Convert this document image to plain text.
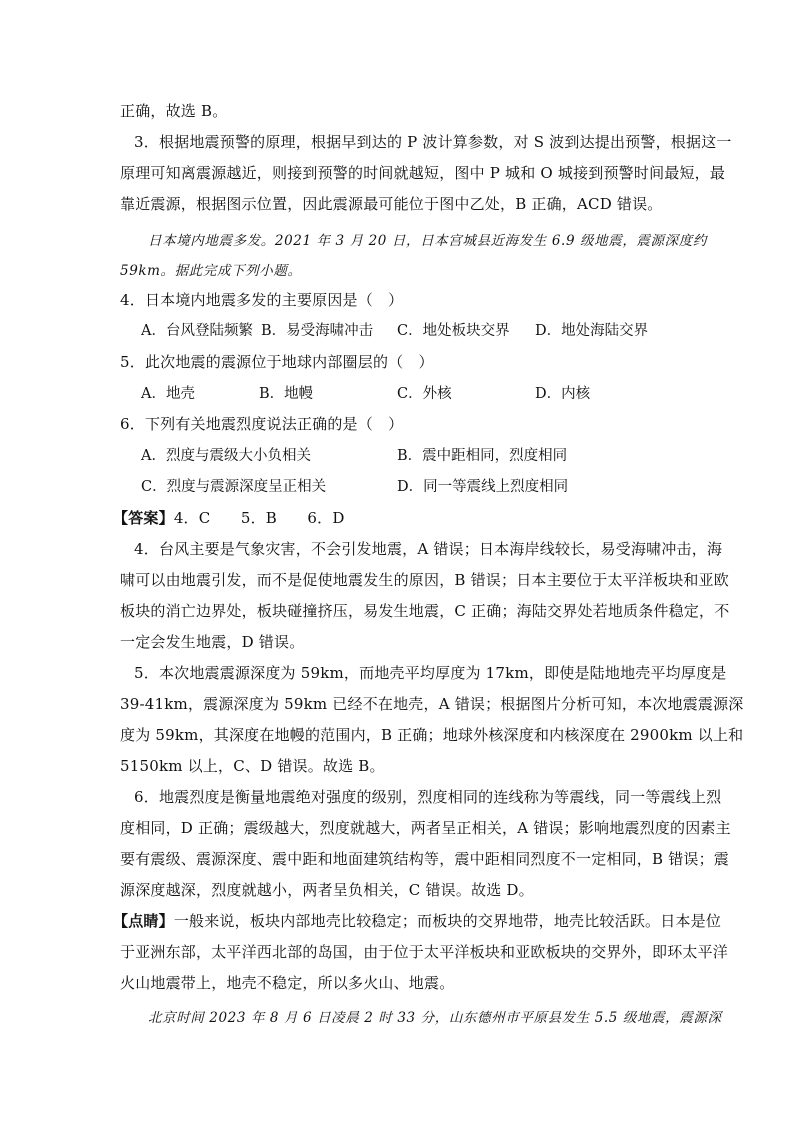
正确，故选 B。
3．根据地震预警的原理，根据早到达的 P 波计算参数，对 S 波到达提出预警，根据这一
原理可知离震源越近，则接到预警的时间就越短，图中 P 城和 O 城接到预警时间最短，最
靠近震源，根据图示位置，因此震源最可能位于图中乙处，B 正确，ACD 错误。
日本境内地震多发。2021 年 3 月 20 日，日本宫城县近海发生 6.9 级地震，震源深度约
59km。据此完成下列小题。
4．日本境内地震多发的主要原因是（　）
A．台风登陆频繁 B．易受海啸冲击 C．地处板块交界 D．地处海陆交界
5．此次地震的震源位于地球内部圈层的（　）
A．地壳	B．地幔	C．外核	D．内核
6．下列有关地震烈度说法正确的是（　）
A．烈度与震级大小负相关	B．震中距相同，烈度相同
C．烈度与震源深度呈正相关	D．同一等震线上烈度相同
【答案】4．C　　5．B　　6．D
4．台风主要是气象灾害，不会引发地震，A 错误；日本海岸线较长，易受海啸冲击，海
啸可以由地震引发，而不是促使地震发生的原因，B 错误；日本主要位于太平洋板块和亚欧
板块的消亡边界处，板块碰撞挤压，易发生地震，C 正确；海陆交界处若地质条件稳定，不
一定会发生地震，D 错误。
5．本次地震震源深度为 59km，而地壳平均厚度为 17km，即使是陆地地壳平均厚度是
39-41km，震源深度为 59km 已经不在地壳，A 错误；根据图片分析可知，本次地震震源深
度为 59km，其深度在地幔的范围内，B 正确；地球外核深度和内核深度在 2900km 以上和
5150km 以上，C、D 错误。故选 B。
6．地震烈度是衡量地震绝对强度的级别，烈度相同的连线称为等震线，同一等震线上烈
度相同，D 正确；震级越大，烈度就越大，两者呈正相关，A 错误；影响地震烈度的因素主
要有震级、震源深度、震中距和地面建筑结构等，震中距相同烈度不一定相同，B 错误；震
源深度越深，烈度就越小，两者呈负相关，C 错误。故选 D。
【点睛】一般来说，板块内部地壳比较稳定；而板块的交界地带，地壳比较活跃。日本是位
于亚洲东部，太平洋西北部的岛国，由于位于太平洋板块和亚欧板块的交界外，即环太平洋
火山地震带上，地壳不稳定，所以多火山、地震。
北京时间 2023 年 8 月 6 日凌晨 2 时 33 分，山东德州市平原县发生 5.5 级地震，震源深
